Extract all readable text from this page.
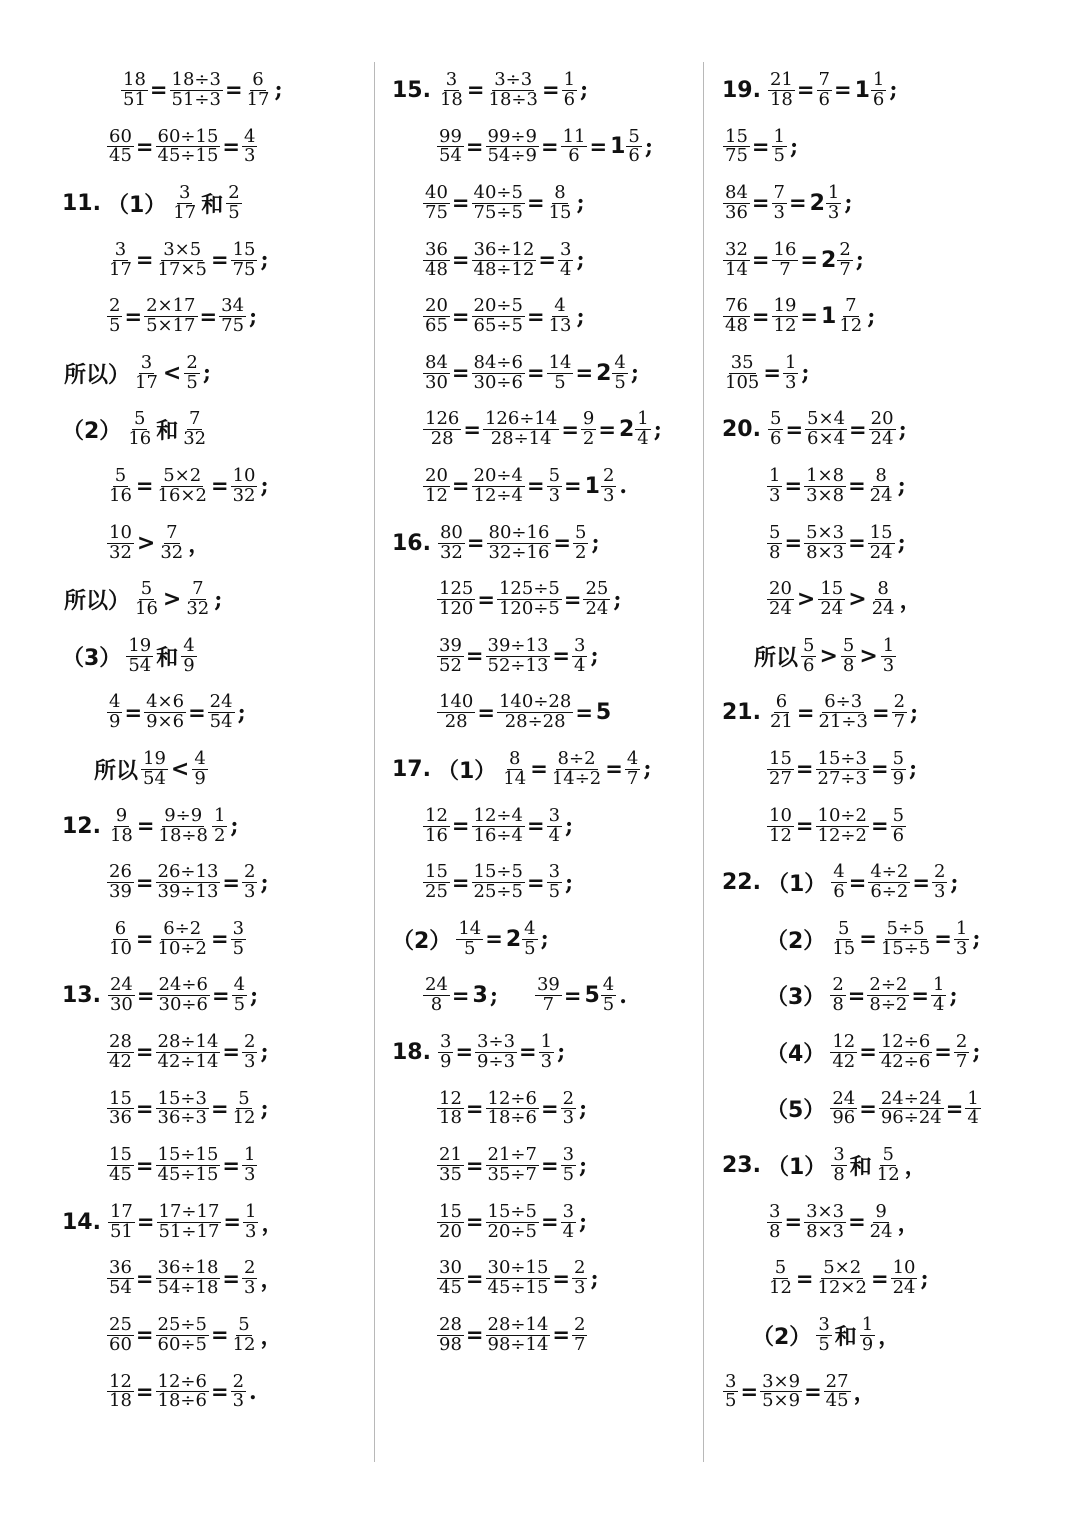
$\frac{18}{51} = \frac{18\div 3}{51\div 3} = \frac{6}{17}$ ;
$\frac{60}{45} = \frac{60\div 15}{45\div 15} = \frac{4}{3}$
11. $(1) \frac{3}{17}$ 和 $\frac{2}{5}$
$\frac{3}{17} = \frac{3\times 5}{17\times 5} = \frac{15}{75}$ ;
$\frac{2}{5} = \frac{2\times 17}{5\times 17} = \frac{34}{75}$ ;
所以） $\frac{3}{17} < \frac{2}{5}$ ;
$(2) \frac{5}{16}$ 和 $\frac{7}{32}$
$\frac{5}{16} = \frac{5\times 2}{16\times 2} = \frac{10}{32}$ ;
$\frac{10}{32} > \frac{7}{32}$ ，
所以） $\frac{5}{16} > \frac{7}{32}$ ;
$(3) \frac{19}{54}$ 和 $\frac{4}{9}$
$\frac{4}{9} = \frac{4\times 6}{9\times 6} = \frac{24}{54}$ ;
所以 $\frac{19}{54} < \frac{4}{9}$
12. $\frac{9}{18} = \frac{9\div 9}{18\div 8} \frac{1}{2}$ ;
$\frac{26}{39} = \frac{26\div 13}{39\div 13} = \frac{2}{3}$ ;
$\frac{6}{10} = \frac{6\div 2}{10\div 2} = \frac{3}{5}$
13. $\frac{24}{30} = \frac{24\div 6}{30\div 6} = \frac{4}{5}$ ;
$\frac{28}{42} = \frac{28\div 14}{42\div 14} = \frac{2}{3}$ ;
$\frac{15}{36} = \frac{15\div 3}{36\div 3} = \frac{5}{12}$ ;
$\frac{15}{45} = \frac{15\div 15}{45\div 15} = \frac{1}{3}$
14. $\frac{17}{51} = \frac{17\div 17}{51\div 17} = \frac{1}{3}$ ，
$\frac{36}{54} = \frac{36\div 18}{54\div 18} = \frac{2}{3}$ ，
$\frac{25}{60} = \frac{25\div 5}{60\div 5} = \frac{5}{12}$ ，
$\frac{12}{18} = \frac{12\div 6}{18\div 6} = \frac{2}{3}$ .
15. $\frac{3}{18} = \frac{3\div 3}{18\div 3} = \frac{1}{6}$ ;
$\frac{99}{54} = \frac{99\div 9}{54\div 9} = \frac{11}{6} = 1 \frac{5}{6}$ ;
$\frac{40}{75} = \frac{40\div 5}{75\div 5} = \frac{8}{15}$ ;
$\frac{36}{48} = \frac{36\div 12}{48\div 12} = \frac{3}{4}$ ;
$\frac{20}{65} = \frac{20\div 5}{65\div 5} = \frac{4}{13}$ ;
$\frac{84}{30} = \frac{84\div 6}{30\div 6} = \frac{14}{5} = 2 \frac{4}{5}$ ;
$\frac{126}{28} = \frac{126\div 14}{28\div 14} = \frac{9}{2} = 2 \frac{1}{4}$ ;
$\frac{20}{12} = \frac{20\div 4}{12\div 4} = \frac{5}{3} = 1 \frac{2}{3}$ .
16. $\frac{80}{32} = \frac{80\div 16}{32\div 16} = \frac{5}{2}$ ;
$\frac{125}{120} = \frac{125\div 5}{120\div 5} = \frac{25}{24}$ ;
$\frac{39}{52} = \frac{39\div 13}{52\div 13} = \frac{3}{4}$ ;
$\frac{140}{28} = \frac{140\div 28}{28\div 28} = 5$
17. $(1) \frac{8}{14} = \frac{8\div 2}{14\div 2} = \frac{4}{7}$ ;
$\frac{12}{16} = \frac{12\div 4}{16\div 4} = \frac{3}{4}$ ;
$\frac{15}{25} = \frac{15\div 5}{25\div 5} = \frac{3}{5}$ ;
$(2) \frac{14}{5} = 2 \frac{4}{5}$ ;
$\frac{24}{8} = 3$ ; $\frac{39}{7} = 5 \frac{4}{5}$ .
18. $\frac{3}{9} = \frac{3\div 3}{9\div 3} = \frac{1}{3}$ ;
$\frac{12}{18} = \frac{12\div 6}{18\div 6} = \frac{2}{3}$ ;
$\frac{21}{35} = \frac{21\div 7}{35\div 7} = \frac{3}{5}$ ;
$\frac{15}{20} = \frac{15\div 5}{20\div 5} = \frac{3}{4}$ ;
$\frac{30}{45} = \frac{30\div 15}{45\div 15} = \frac{2}{3}$ ;
$\frac{28}{98} = \frac{28\div 14}{98\div 14} = \frac{2}{7}$
19. $\frac{21}{18} = \frac{7}{6} = 1 \frac{1}{6}$ ;
$\frac{15}{75} = \frac{1}{5}$ ;
$\frac{84}{36} = \frac{7}{3} = 2 \frac{1}{3}$ ;
$\frac{32}{14} = \frac{16}{7} = 2 \frac{2}{7}$ ;
$\frac{76}{48} = \frac{19}{12} = 1 \frac{7}{12}$ ;
$\frac{35}{105} = \frac{1}{3}$ ;
20. $\frac{5}{6} = \frac{5\times 4}{6\times 4} = \frac{20}{24}$ ;
$\frac{1}{3} = \frac{1\times 8}{3\times 8} = \frac{8}{24}$ ;
$\frac{5}{8} = \frac{5\times 3}{8\times 3} = \frac{15}{24}$ ;
$\frac{20}{24} > \frac{15}{24} > \frac{8}{24}$ ，
所以 $\frac{5}{6} > \frac{5}{8} > \frac{1}{3}$
21. $\frac{6}{21} = \frac{6\div 3}{21\div 3} = \frac{2}{7}$ ;
$\frac{15}{27} = \frac{15\div 3}{27\div 3} = \frac{5}{9}$ ;
$\frac{10}{12} = \frac{10\div 2}{12\div 2} = \frac{5}{6}$
22. $(1) \frac{4}{6} = \frac{4\div 2}{6\div 2} = \frac{2}{3}$ ;
$(2) \frac{5}{15} = \frac{5\div 5}{15\div 5} = \frac{1}{3}$ ;
$(3) \frac{2}{8} = \frac{2\div 2}{8\div 2} = \frac{1}{4}$ ;
$(4) \frac{12}{42} = \frac{12\div 6}{42\div 6} = \frac{2}{7}$ ;
$(5) \frac{24}{96} = \frac{24\div 24}{96\div 24} = \frac{1}{4}$
23. $(1) \frac{3}{8}$ 和 $\frac{5}{12}$ ，
$\frac{3}{8} = \frac{3\times 3}{8\times 3} = \frac{9}{24}$ ，
$\frac{5}{12} = \frac{5\times 2}{12\times 2} = \frac{10}{24}$ ;
$(2) \frac{3}{5}$ 和 $\frac{1}{9}$ ，
$\frac{3}{5} = \frac{3\times 9}{5\times 9} = \frac{27}{45}$ ，
